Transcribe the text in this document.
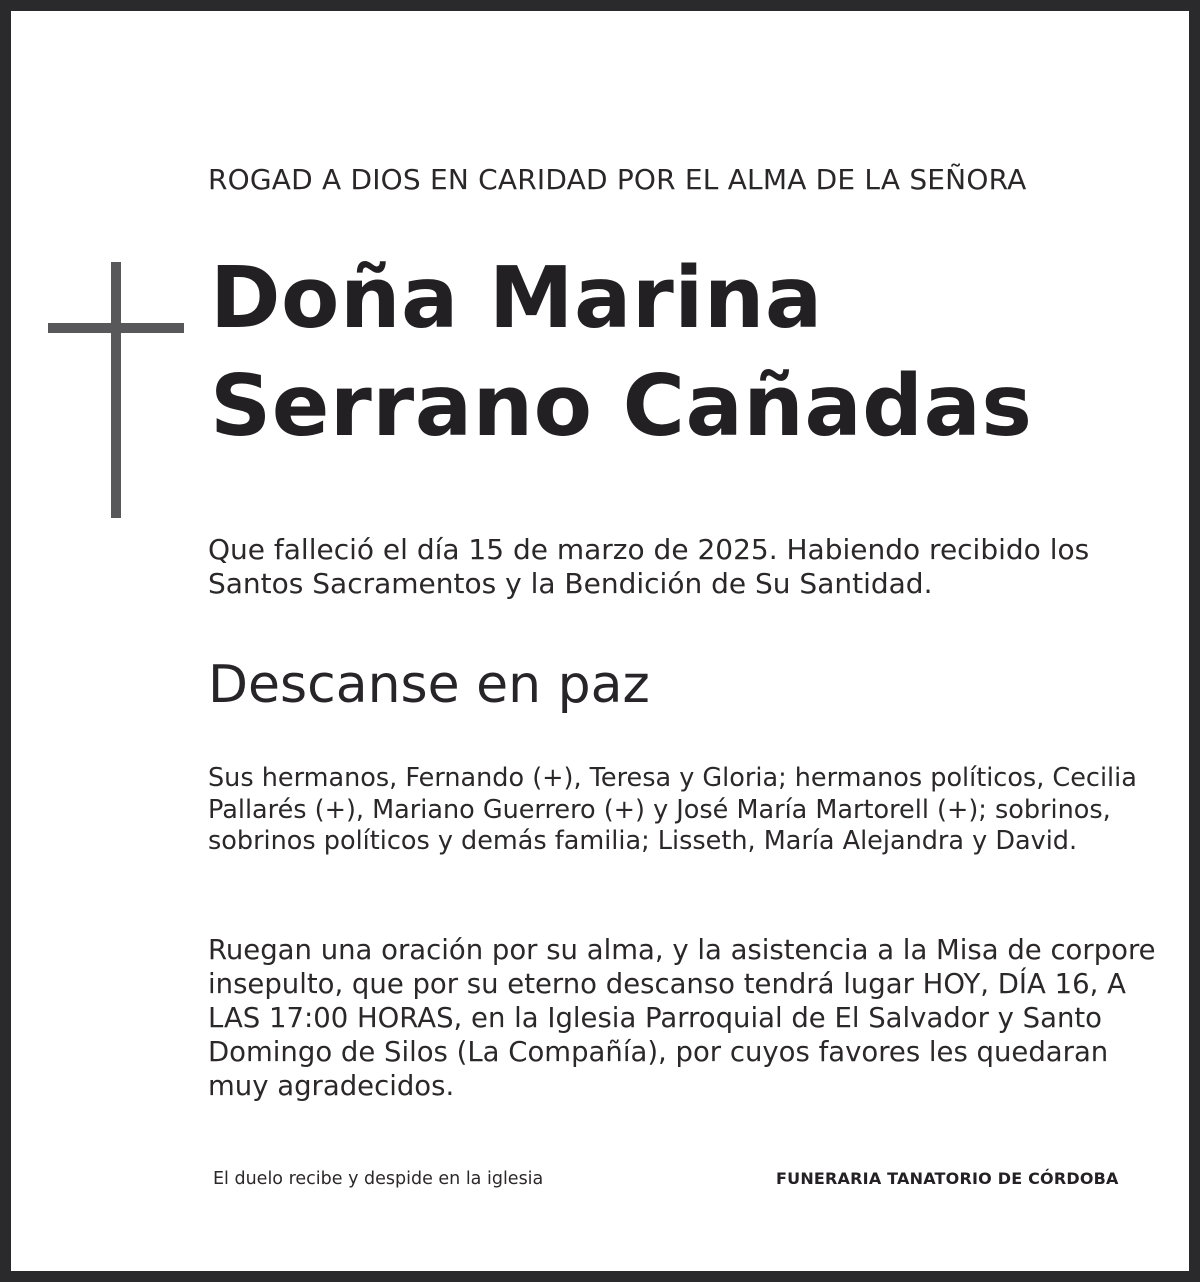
ROGAD A DIOS EN CARIDAD POR EL ALMA DE LA SEÑORA

Doña Marina
Serrano Cañadas

Que falleció el día 15 de marzo de 2025. Habiendo recibido los Santos Sacramentos y la Bendición de Su Santidad.

Descanse en paz

Sus hermanos, Fernando (+), Teresa y Gloria; hermanos políticos, Cecilia Pallarés (+), Mariano Guerrero (+) y José María Martorell (+); sobrinos, sobrinos políticos y demás familia; Lisseth, María Alejandra y David.

Ruegan una oración por su alma, y la asistencia a la Misa de corpore insepulto, que por su eterno descanso tendrá lugar HOY, DÍA 16, A LAS 17:00 HORAS, en la Iglesia Parroquial de El Salvador y Santo Domingo de Silos (La Compañía), por cuyos favores les quedaran muy agradecidos.

El duelo recibe y despide en la iglesia	FUNERARIA TANATORIO DE CÓRDOBA
